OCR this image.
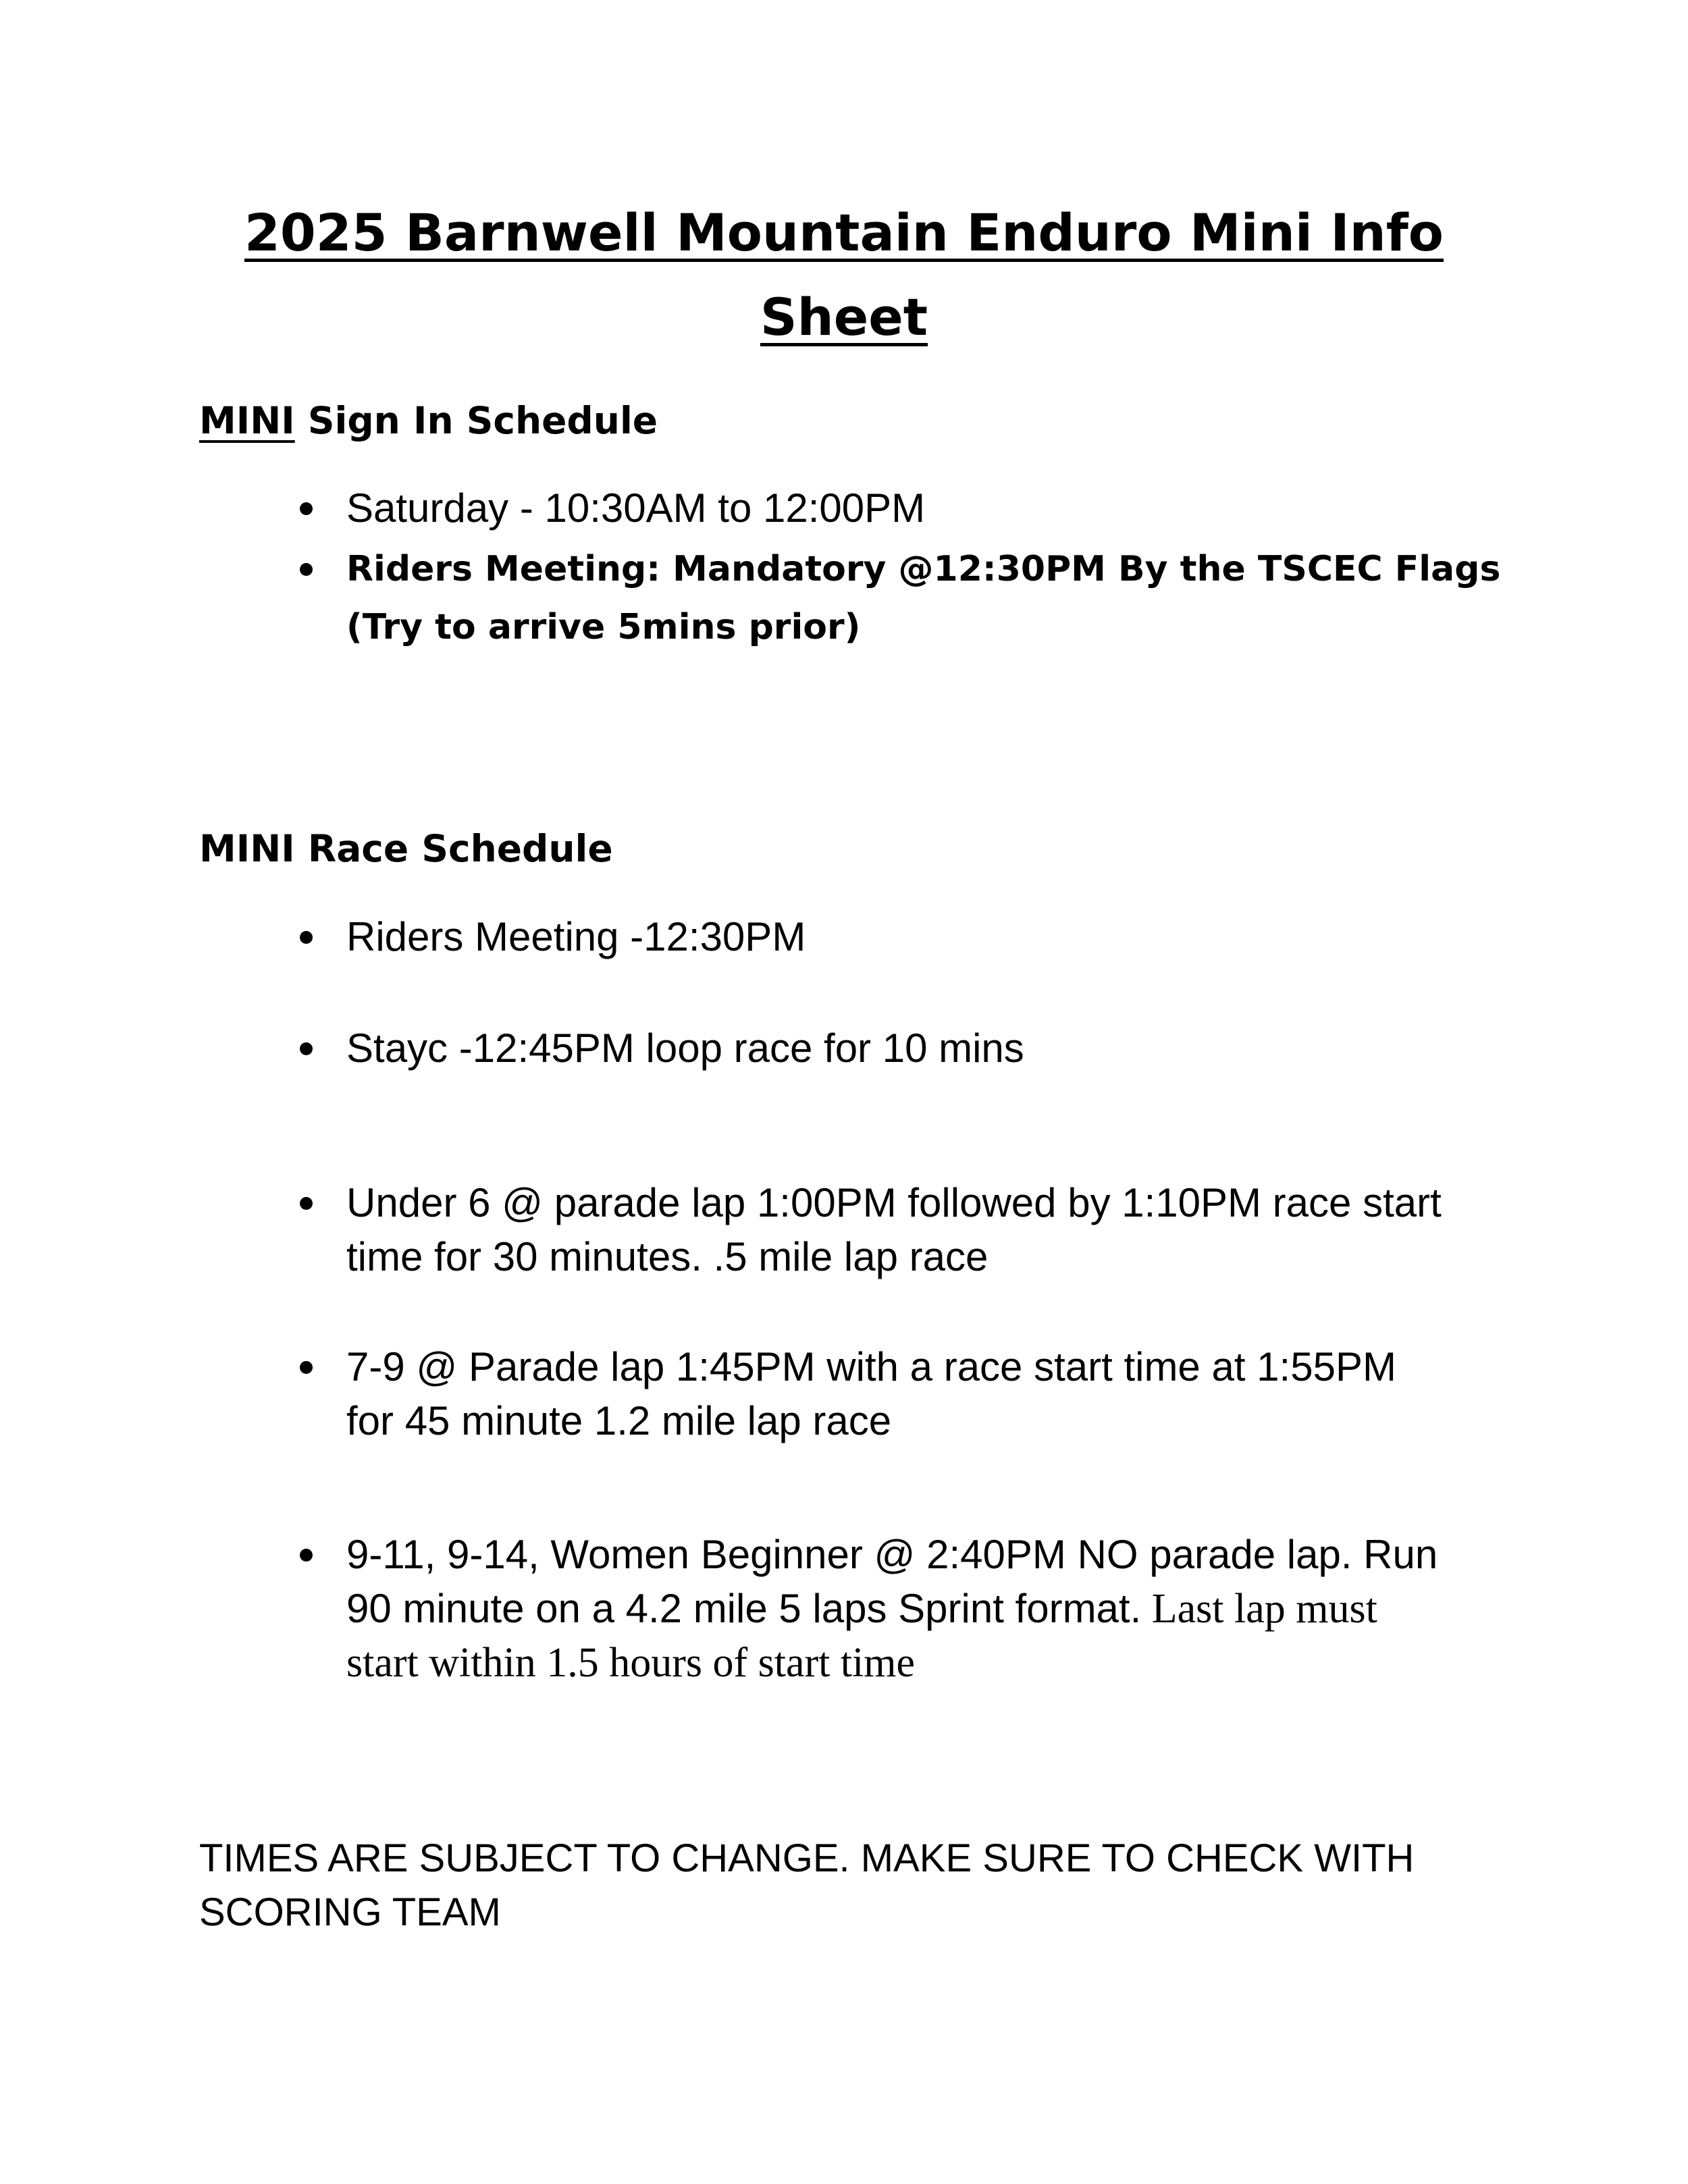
2025 Barnwell Mountain Enduro Mini Info
Sheet
MINI Sign In Schedule
Saturday - 10:30AM to 12:00PM
Riders Meeting: Mandatory @12:30PM By the TSCEC Flags
(Try to arrive 5mins prior)
MINI Race Schedule
Riders Meeting -12:30PM
Stayc -12:45PM loop race for 10 mins
Under 6 @ parade lap 1:00PM followed by 1:10PM race start
time for 30 minutes. .5 mile lap race
7-9 @ Parade lap 1:45PM with a race start time at 1:55PM
for 45 minute 1.2 mile lap race
9-11, 9-14, Women Beginner @ 2:40PM NO parade lap. Run
90 minute on a 4.2 mile 5 laps Sprint format. Last lap must
start within 1.5 hours of start time
TIMES ARE SUBJECT TO CHANGE. MAKE SURE TO CHECK WITH
SCORING TEAM
